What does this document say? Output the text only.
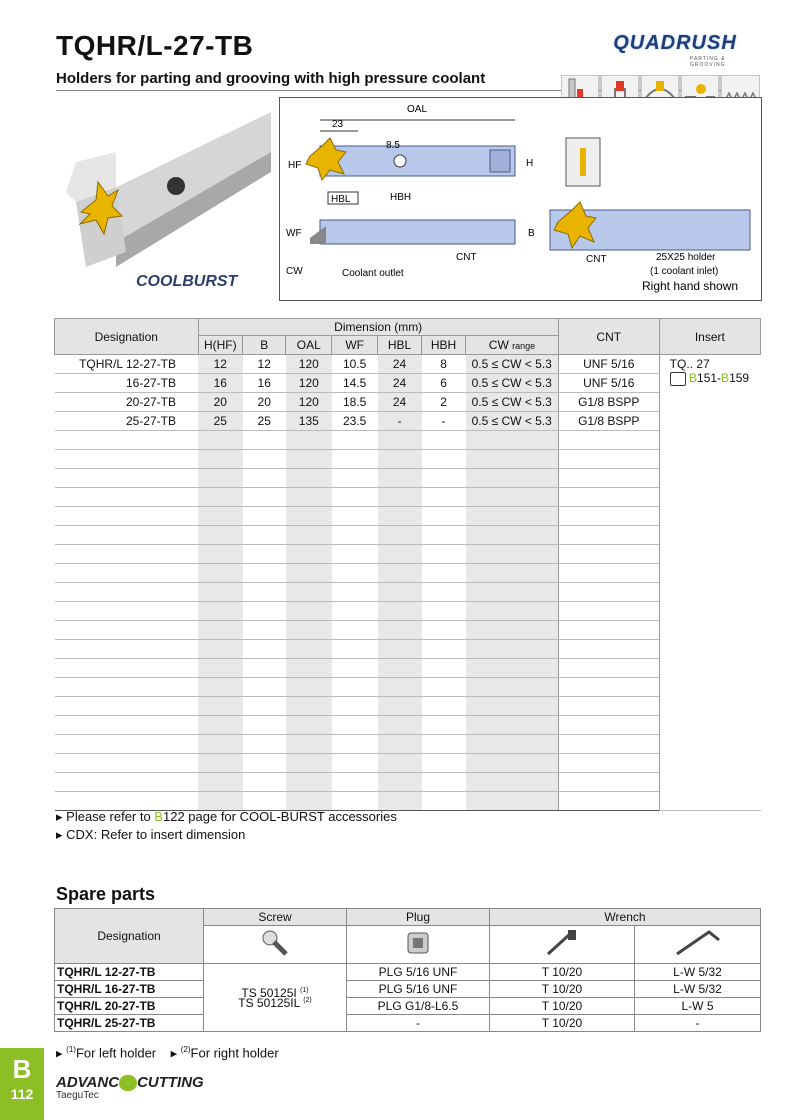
TQHR/L-27-TB
Holders for parting and grooving with high pressure coolant
QUADRUSH
PARTING & GROOVING
COOLBURST
OAL
23
8.5
HF	H
HBL	HBH
WF	B
CW	Coolant outlet
CNT	CNT	25X25 holder
(1 coolant inlet)
Right hand shown
Designation	Dimension (mm)							CNT	Insert
	H(HF)	B	OAL	WF	HBL	HBH	CW range		
TQHR/L 12-27-TB	12	12	120	10.5	24	8	0.5 ≤ CW < 5.3	UNF 5/16	TQ.. 27
B151-B159

16-27-TB	16	16	120	14.5	24	6	0.5 ≤ CW < 5.3	UNF 5/16	
20-27-TB	20	20	120	18.5	24	2	0.5 ≤ CW < 5.3	G1/8 BSPP	
25-27-TB	25	25	135	23.5	-	-	0.5 ≤ CW < 5.3	G1/8 BSPP	

▸ Please refer to B122 page for COOL-BURST accessories
▸ CDX: Refer to insert dimension
Spare parts
Designation	Screw	Plug	Wrench	

TQHR/L 12-27-TB	TS 50125I $^{(1)}$
TS 50125IL $^{(2)}$	PLG 5/16 UNF	T 10/20	L-W 5/32
TQHR/L 16-27-TB		PLG 5/16 UNF	T 10/20	L-W 5/32
TQHR/L 20-27-TB		PLG G1/8-L6.5	T 10/20	L-W 5
TQHR/L 25-27-TB		-	T 10/20	-
▸ $^{(1)}$For left holder ▸ $^{(2)}$For right holder
B
112
ADVANC CUTTING
TaeguTec
